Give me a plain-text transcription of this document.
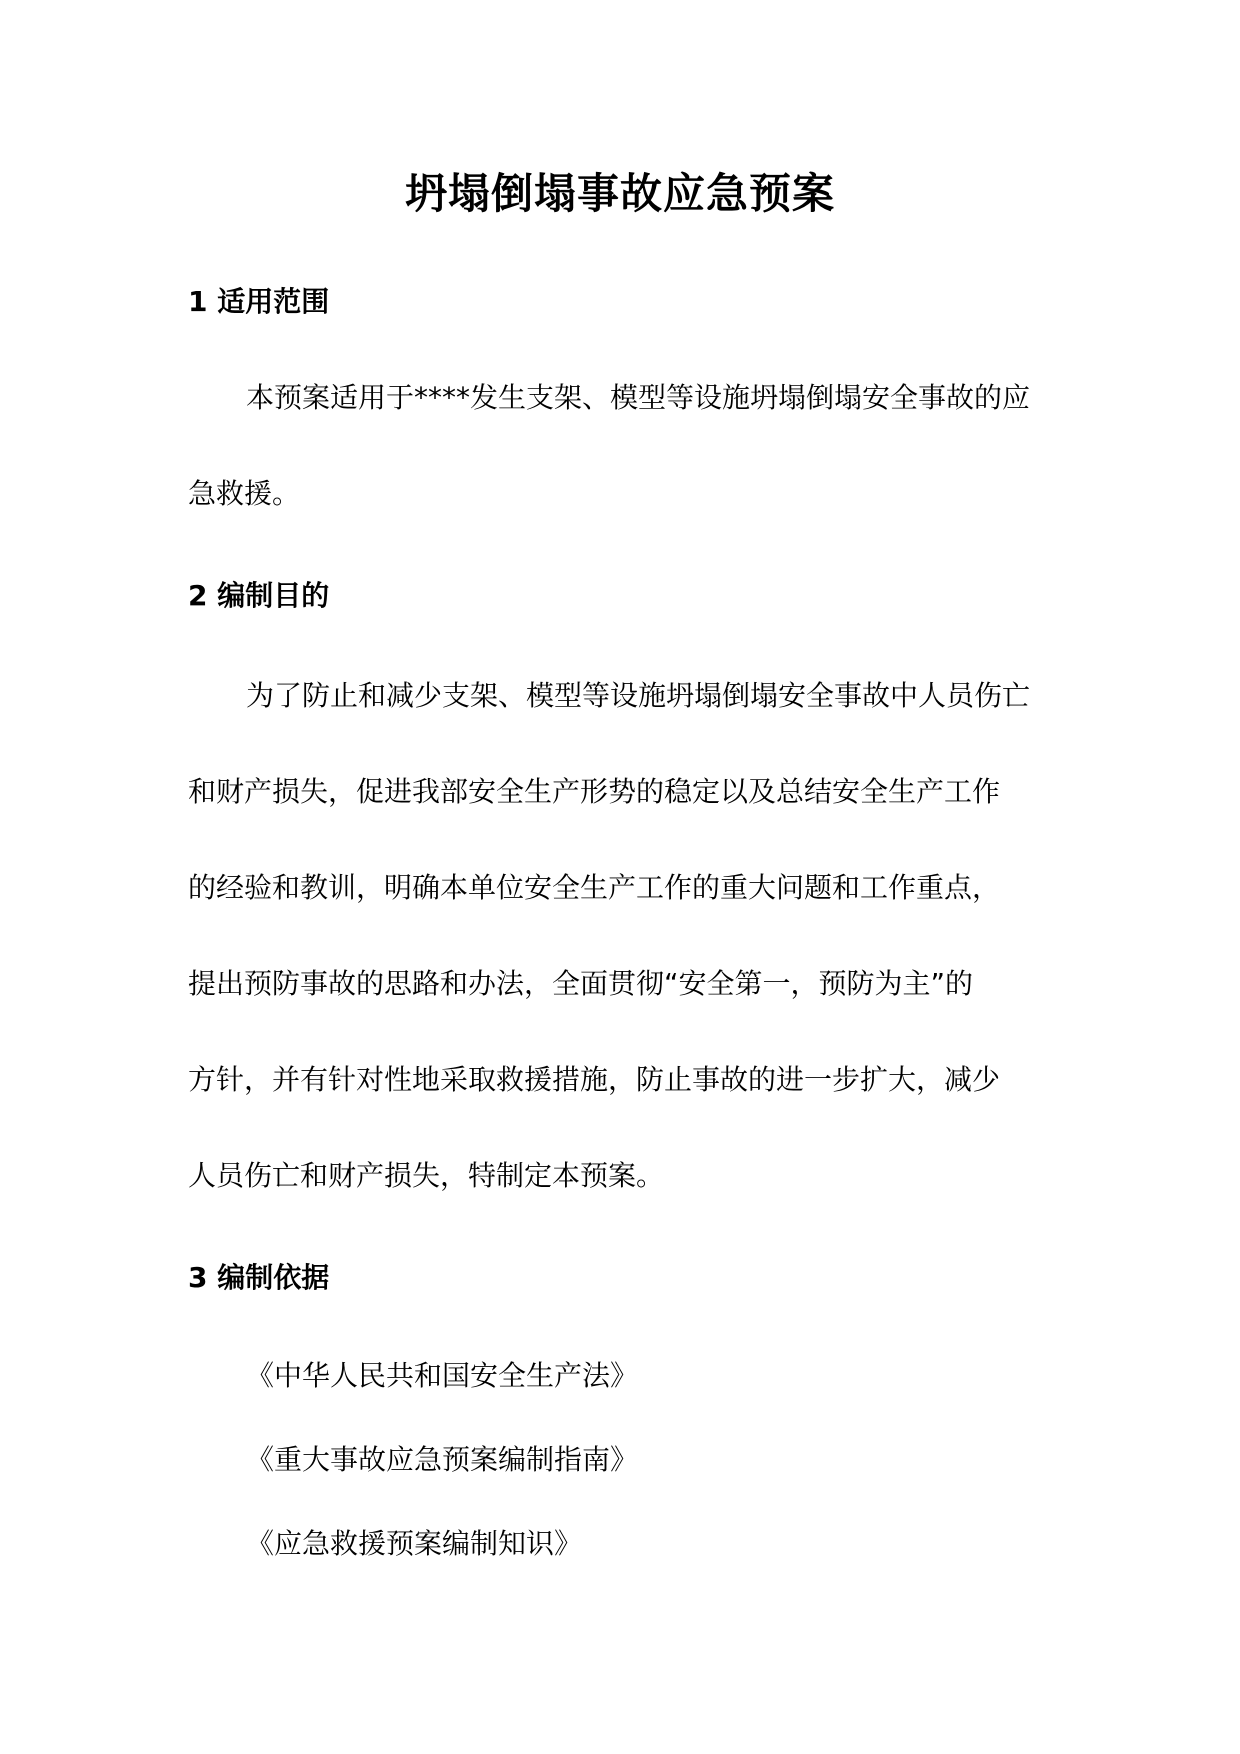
坍塌倒塌事故应急预案
1 适用范围
本预案适用于****发生支架、模型等设施坍塌倒塌安全事故的应
急救援。
2 编制目的
为了防止和减少支架、模型等设施坍塌倒塌安全事故中人员伤亡
和财产损失，促进我部安全生产形势的稳定以及总结安全生产工作
的经验和教训，明确本单位安全生产工作的重大问题和工作重点，
提出预防事故的思路和办法，全面贯彻“安全第一，预防为主”的
方针，并有针对性地采取救援措施，防止事故的进一步扩大，减少
人员伤亡和财产损失，特制定本预案。
3 编制依据
《中华人民共和国安全生产法》
《重大事故应急预案编制指南》
《应急救援预案编制知识》
